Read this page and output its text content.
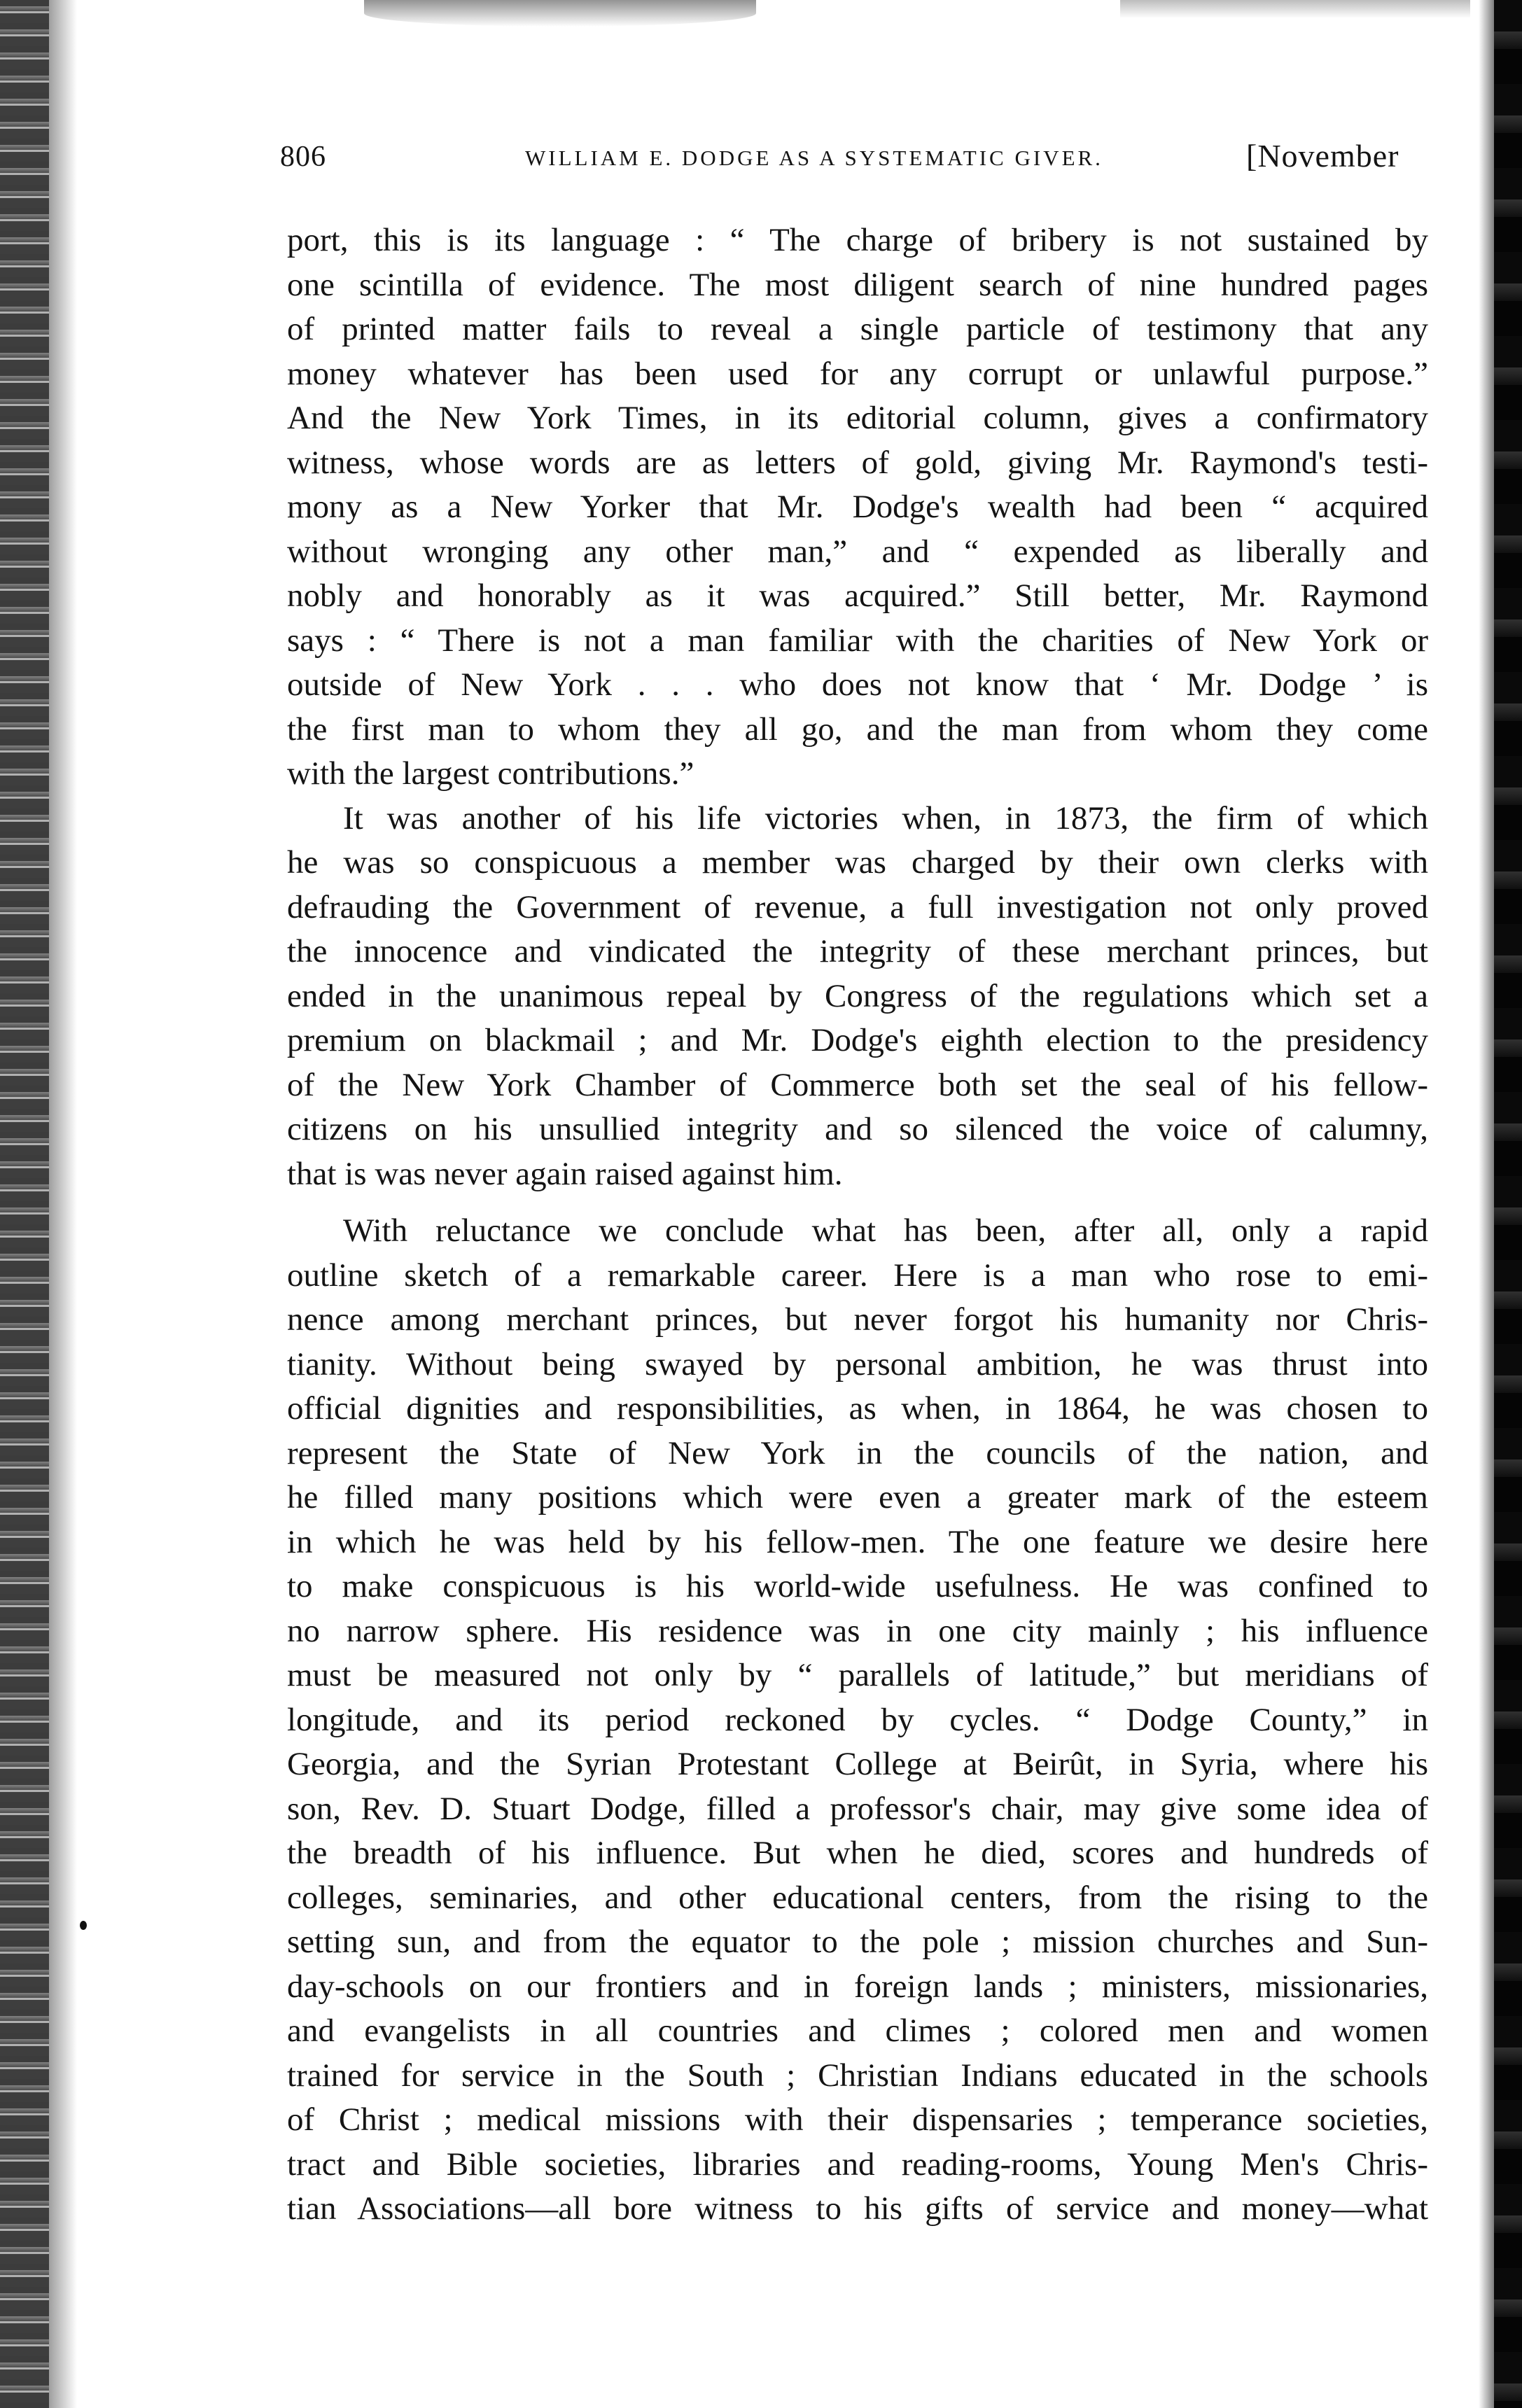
806	WILLIAM E. DODGE AS A SYSTEMATIC GIVER.	[November
port, this is its language : “ The charge of bribery is not sustained by
one scintilla of evidence. The most diligent search of nine hundred pages
of printed matter fails to reveal a single particle of testimony that any
money whatever has been used for any corrupt or unlawful purpose.”
And the New York Times, in its editorial column, gives a confirmatory
witness, whose words are as letters of gold, giving Mr. Raymond's testi-
mony as a New Yorker that Mr. Dodge's wealth had been “ acquired
without wronging any other man,” and “ expended as liberally and
nobly and honorably as it was acquired.” Still better, Mr. Raymond
says : “ There is not a man familiar with the charities of New York or
outside of New York . . . who does not know that ‘ Mr. Dodge ’ is
the first man to whom they all go, and the man from whom they come
with the largest contributions.”
It was another of his life victories when, in 1873, the firm of which
he was so conspicuous a member was charged by their own clerks with
defrauding the Government of revenue, a full investigation not only proved
the innocence and vindicated the integrity of these merchant princes, but
ended in the unanimous repeal by Congress of the regulations which set a
premium on blackmail ; and Mr. Dodge's eighth election to the presidency
of the New York Chamber of Commerce both set the seal of his fellow-
citizens on his unsullied integrity and so silenced the voice of calumny,
that is was never again raised against him.
With reluctance we conclude what has been, after all, only a rapid
outline sketch of a remarkable career. Here is a man who rose to emi-
nence among merchant princes, but never forgot his humanity nor Chris-
tianity. Without being swayed by personal ambition, he was thrust into
official dignities and responsibilities, as when, in 1864, he was chosen to
represent the State of New York in the councils of the nation, and
he filled many positions which were even a greater mark of the esteem
in which he was held by his fellow-men. The one feature we desire here
to make conspicuous is his world-wide usefulness. He was confined to
no narrow sphere. His residence was in one city mainly ; his influence
must be measured not only by “ parallels of latitude,” but meridians of
longitude, and its period reckoned by cycles. “ Dodge County,” in
Georgia, and the Syrian Protestant College at Beirût, in Syria, where his
son, Rev. D. Stuart Dodge, filled a professor's chair, may give some idea of
the breadth of his influence. But when he died, scores and hundreds of
colleges, seminaries, and other educational centers, from the rising to the
setting sun, and from the equator to the pole ; mission churches and Sun-
day-schools on our frontiers and in foreign lands ; ministers, missionaries,
and evangelists in all countries and climes ; colored men and women
trained for service in the South ; Christian Indians educated in the schools
of Christ ; medical missions with their dispensaries ; temperance societies,
tract and Bible societies, libraries and reading-rooms, Young Men's Chris-
tian Associations—all bore witness to his gifts of service and money—what
